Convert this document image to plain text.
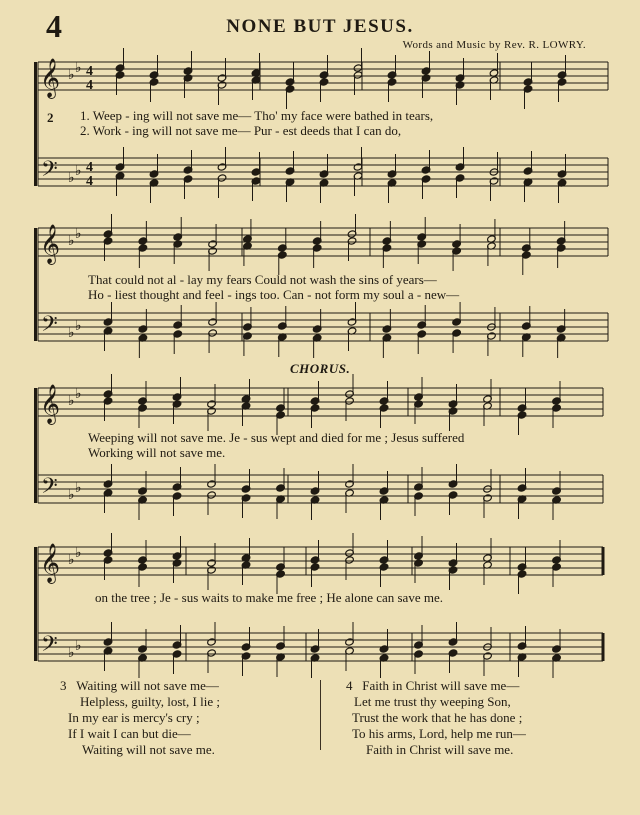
4	NONE BUT JESUS.
Words and Music by Rev. R. LOWRY.
𝄞
𝄢
♭ ♭
♭ ♭
4
4
4
4
𝄞
𝄢
♭ ♭
♭ ♭
𝄞
𝄢
♭ ♭
♭ ♭
𝄞
𝄢
♭ ♭
♭ ♭
2 1. Weep - ing will not save me— Tho' my face were bathed in tears,
2. Work - ing will not save me— Pur - est deeds that I can do,
That could not al - lay my fears Could not wash the sins of years—
Ho - liest thought and feel - ings too. Can - not form my soul a - new—
CHORUS.
Weeping will not save me. Je - sus wept and died for me ; Jesus suffered
Working will not save me.
on the tree ; Je - sus waits to make me free ; He alone can save me.
3 Waiting will not save me—
Helpless, guilty, lost, I lie ;
In my ear is mercy's cry ;
If I wait I can but die—
Waiting will not save me.
4 Faith in Christ will save me—
Let me trust thy weeping Son,
Trust the work that he has done ;
To his arms, Lord, help me run—
Faith in Christ will save me.
